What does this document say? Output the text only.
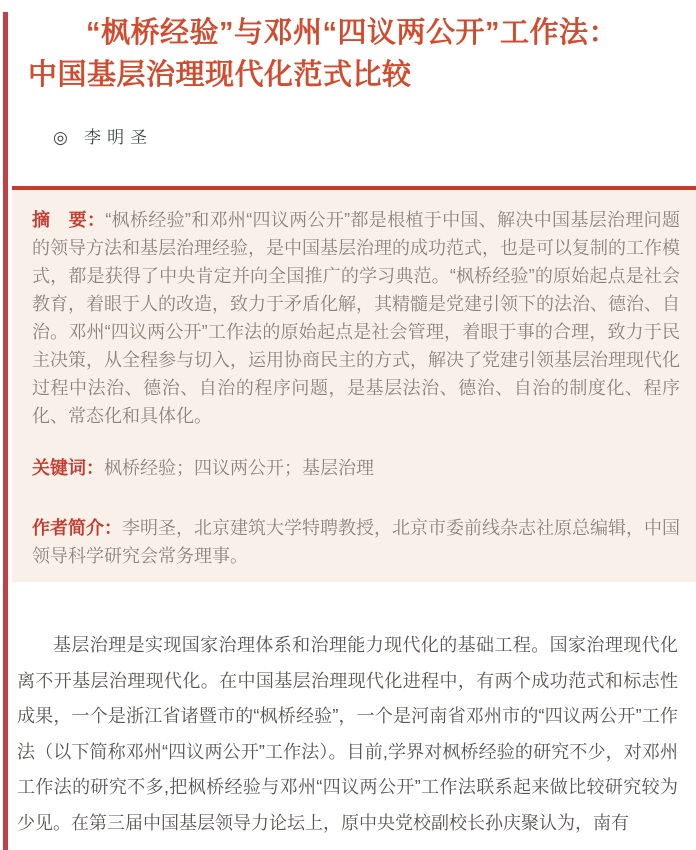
“枫桥经验”与邓州“四议两公开”工作法：
中国基层治理现代化范式比较
◎ 李明圣

摘　要：“枫桥经验”和邓州“四议两公开”都是根植于中国、解决中国基层治理问题的领导方法和基层治理经验，是中国基层治理的成功范式，也是可以复制的工作模式，都是获得了中央肯定并向全国推广的学习典范。“枫桥经验”的原始起点是社会教育，着眼于人的改造，致力于矛盾化解，其精髓是党建引领下的法治、德治、自治。邓州“四议两公开”工作法的原始起点是社会管理，着眼于事的合理，致力于民主决策，从全程参与切入，运用协商民主的方式，解决了党建引领基层治理现代化过程中法治、德治、自治的程序问题，是基层法治、德治、自治的制度化、程序化、常态化和具体化。

关键词：枫桥经验；四议两公开；基层治理

作者简介：李明圣，北京建筑大学特聘教授，北京市委前线杂志社原总编辑，中国领导科学研究会常务理事。

基层治理是实现国家治理体系和治理能力现代化的基础工程。国家治理现代化离不开基层治理现代化。在中国基层治理现代化进程中，有两个成功范式和标志性成果，一个是浙江省诸暨市的“枫桥经验”，一个是河南省邓州市的“四议两公开”工作法（以下简称邓州“四议两公开”工作法）。目前,学界对枫桥经验的研究不少，对邓州工作法的研究不多,把枫桥经验与邓州“四议两公开”工作法联系起来做比较研究较为少见。在第三届中国基层领导力论坛上，原中央党校副校长孙庆聚认为，南有
